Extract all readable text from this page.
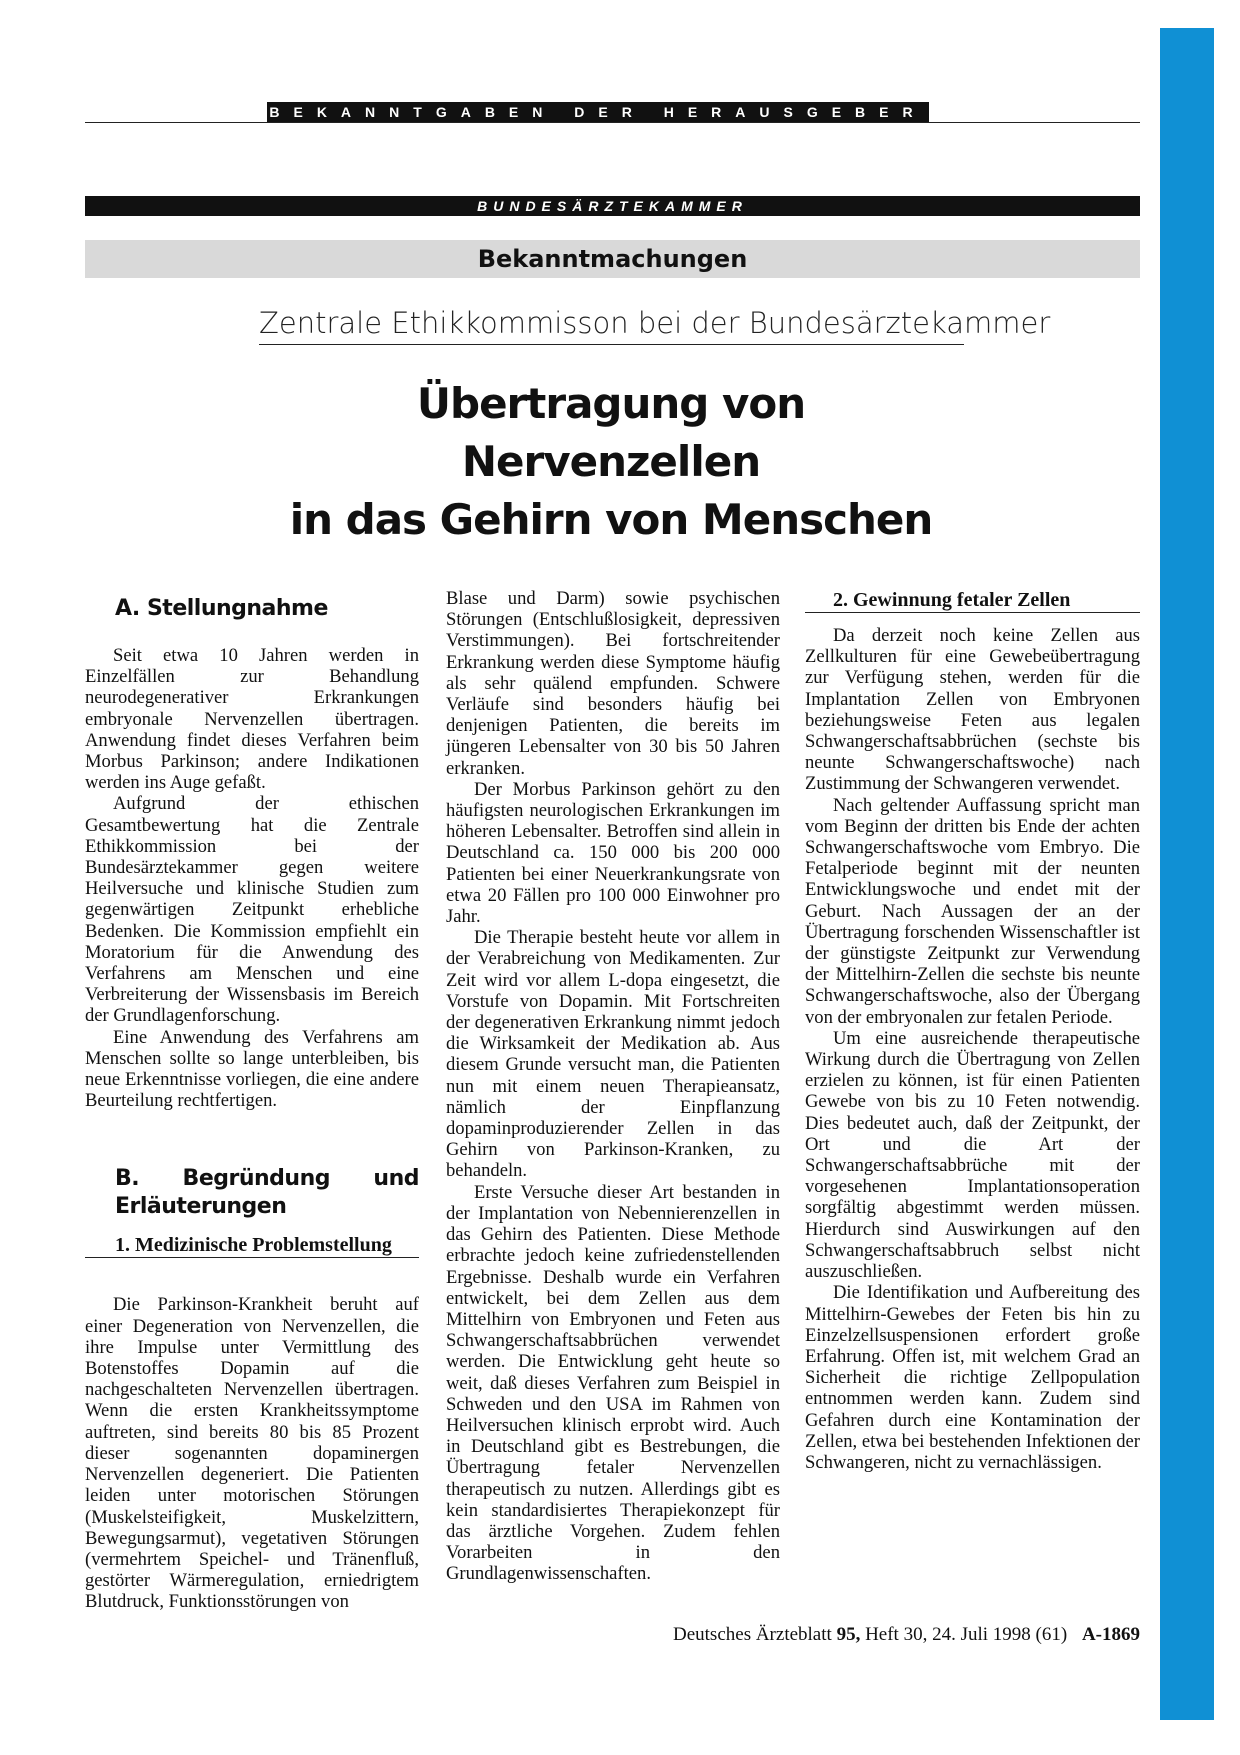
BEKANNTGABEN DER HERAUSGEBER
BUNDESÄRZTEKAMMER
Bekanntmachungen
Zentrale Ethikkommisson bei der Bundesärztekammer
Übertragung von
Nervenzellen
in das Gehirn von Menschen
A. Stellungnahme

Seit etwa 10 Jahren werden in Einzelfällen zur Behandlung neurodegenerativer Erkrankungen embryonale Nervenzellen übertragen. Anwendung findet dieses Verfahren beim Morbus Parkinson; andere Indikationen werden ins Auge gefaßt.

Aufgrund der ethischen Gesamtbewertung hat die Zentrale Ethikkommission bei der Bundesärztekammer gegen weitere Heilversuche und klinische Studien zum gegenwärtigen Zeitpunkt erhebliche Bedenken. Die Kommission empfiehlt ein Moratorium für die Anwendung des Verfahrens am Menschen und eine Verbreiterung der Wissensbasis im Bereich der Grundlagenforschung.

Eine Anwendung des Verfahrens am Menschen sollte so lange unterbleiben, bis neue Erkenntnisse vorliegen, die eine andere Beurteilung rechtfertigen.

B. Begründung und Erläuterungen
1. Medizinische Problemstellung

Die Parkinson-Krankheit beruht auf einer Degeneration von Nervenzellen, die ihre Impulse unter Vermittlung des Botenstoffes Dopamin auf die nachgeschalteten Nervenzellen übertragen. Wenn die ersten Krankheitssymptome auftreten, sind bereits 80 bis 85 Prozent dieser sogenannten dopaminergen Nervenzellen degeneriert. Die Patienten leiden unter motorischen Störungen (Muskelsteifigkeit, Muskelzittern, Bewegungsarmut), vegetativen Störungen (vermehrtem Speichel- und Tränenfluß, gestörter Wärmeregulation, erniedrigtem Blutdruck, Funktionsstörungen von

Blase und Darm) sowie psychischen Störungen (Entschlußlosigkeit, depressiven Verstimmungen). Bei fortschreitender Erkrankung werden diese Symptome häufig als sehr quälend empfunden. Schwere Verläufe sind besonders häufig bei denjenigen Patienten, die bereits im jüngeren Lebensalter von 30 bis 50 Jahren erkranken.

Der Morbus Parkinson gehört zu den häufigsten neurologischen Erkrankungen im höheren Lebensalter. Betroffen sind allein in Deutschland ca. 150 000 bis 200 000 Patienten bei einer Neuerkrankungsrate von etwa 20 Fällen pro 100 000 Einwohner pro Jahr.

Die Therapie besteht heute vor allem in der Verabreichung von Medikamenten. Zur Zeit wird vor allem L-dopa eingesetzt, die Vorstufe von Dopamin. Mit Fortschreiten der degenerativen Erkrankung nimmt jedoch die Wirksamkeit der Medikation ab. Aus diesem Grunde versucht man, die Patienten nun mit einem neuen Therapieansatz, nämlich der Einpflanzung dopaminproduzierender Zellen in das Gehirn von Parkinson-Kranken, zu behandeln.

Erste Versuche dieser Art bestanden in der Implantation von Nebennierenzellen in das Gehirn des Patienten. Diese Methode erbrachte jedoch keine zufriedenstellenden Ergebnisse. Deshalb wurde ein Verfahren entwickelt, bei dem Zellen aus dem Mittelhirn von Embryonen und Feten aus Schwangerschaftsabbrüchen verwendet werden. Die Entwicklung geht heute so weit, daß dieses Verfahren zum Beispiel in Schweden und den USA im Rahmen von Heilversuchen klinisch erprobt wird. Auch in Deutschland gibt es Bestrebungen, die Übertragung fetaler Nervenzellen therapeutisch zu nutzen. Allerdings gibt es kein standardisiertes Therapiekonzept für das ärztliche Vorgehen. Zudem fehlen Vorarbeiten in den Grundlagenwissenschaften.

2. Gewinnung fetaler Zellen

Da derzeit noch keine Zellen aus Zellkulturen für eine Gewebeübertragung zur Verfügung stehen, werden für die Implantation Zellen von Embryonen beziehungsweise Feten aus legalen Schwangerschaftsabbrüchen (sechste bis neunte Schwangerschaftswoche) nach Zustimmung der Schwangeren verwendet.

Nach geltender Auffassung spricht man vom Beginn der dritten bis Ende der achten Schwangerschaftswoche vom Embryo. Die Fetalperiode beginnt mit der neunten Entwicklungswoche und endet mit der Geburt. Nach Aussagen der an der Übertragung forschenden Wissenschaftler ist der günstigste Zeitpunkt zur Verwendung der Mittelhirn-Zellen die sechste bis neunte Schwangerschaftswoche, also der Übergang von der embryonalen zur fetalen Periode.

Um eine ausreichende therapeutische Wirkung durch die Übertragung von Zellen erzielen zu können, ist für einen Patienten Gewebe von bis zu 10 Feten notwendig. Dies bedeutet auch, daß der Zeitpunkt, der Ort und die Art der Schwangerschaftsabbrüche mit der vorgesehenen Implantationsoperation sorgfältig abgestimmt werden müssen. Hierdurch sind Auswirkungen auf den Schwangerschaftsabbruch selbst nicht auszuschließen.

Die Identifikation und Aufbereitung des Mittelhirn-Gewebes der Feten bis hin zu Einzelzellsuspensionen erfordert große Erfahrung. Offen ist, mit welchem Grad an Sicherheit die richtige Zellpopulation entnommen werden kann. Zudem sind Gefahren durch eine Kontamination der Zellen, etwa bei bestehenden Infektionen der Schwangeren, nicht zu vernachlässigen.

Deutsches Ärzteblatt 95, Heft 30, 24. Juli 1998 (61) A-1869
